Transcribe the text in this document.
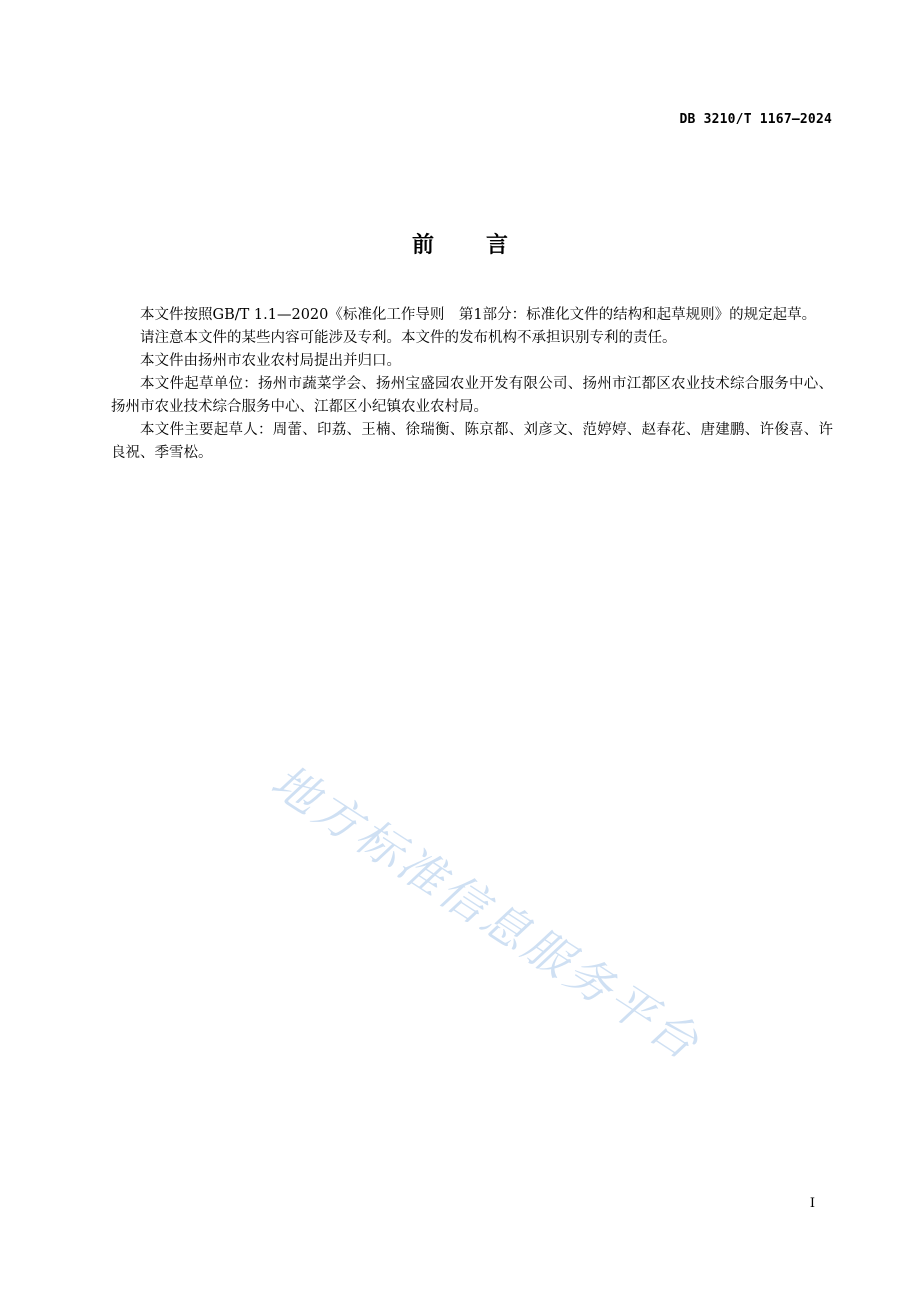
DB 3210/T 1167—2024
前言

本文件按照GB/T 1.1—2020《标准化工作导则　第1部分：标准化文件的结构和起草规则》的规定起草。

请注意本文件的某些内容可能涉及专利。本文件的发布机构不承担识别专利的责任。

本文件由扬州市农业农村局提出并归口。

本文件起草单位：扬州市蔬菜学会、扬州宝盛园农业开发有限公司、扬州市江都区农业技术综合服务中心、扬州市农业技术综合服务中心、江都区小纪镇农业农村局。

本文件主要起草人：周蕾、印荔、王楠、徐瑞衡、陈京都、刘彦文、范婷婷、赵春花、唐建鹏、许俊喜、许良祝、季雪松。

地方标准信息服务平台
I
